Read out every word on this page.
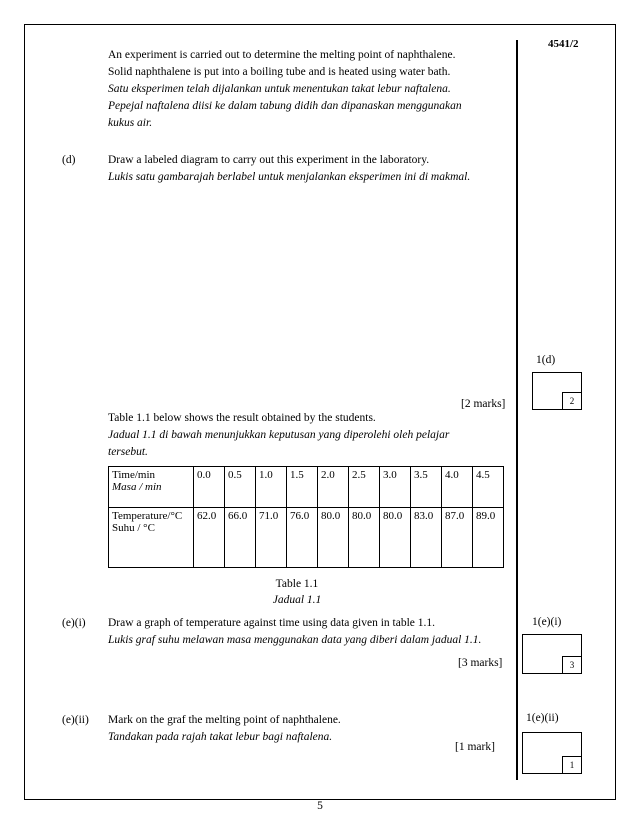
4541/2
An experiment is carried out to determine the melting point of naphthalene.
Solid naphthalene is put into a boiling tube and is heated using water bath.
Satu eksperimen telah dijalankan untuk menentukan takat lebur naftalena.
Pepejal naftalena diisi ke dalam tabung didih dan dipanaskan menggunakan
kukus air.
(d)	Draw a labeled diagram to carry out this experiment in the laboratory.
Lukis satu gambarajah berlabel untuk menjalankan eksperimen ini di makmal.
1(d)
2
[2 marks]
Table 1.1 below shows the result obtained by the students.
Jadual 1.1 di bawah menunjukkan keputusan yang diperolehi oleh pelajar
tersebut.
Time/min
Masa / min	0.0	0.5	1.0	1.5	2.0	2.5	3.0	3.5	4.0	4.5

Temperature/°C
Suhu / °C	62.0	66.0	71.0	76.0	80.0	80.0	80.0	83.0	87.0	89.0
Table 1.1
Jadual 1.1
(e)(i) Draw a graph of temperature against time using data given in table 1.1.
Lukis graf suhu melawan masa menggunakan data yang diberi dalam jadual 1.1.
1(e)(i)
3
[3 marks]
(e)(ii) Mark on the graf the melting point of naphthalene.
Tandakan pada rajah takat lebur bagi naftalena.
1(e)(ii)
1
[1 mark]
5
